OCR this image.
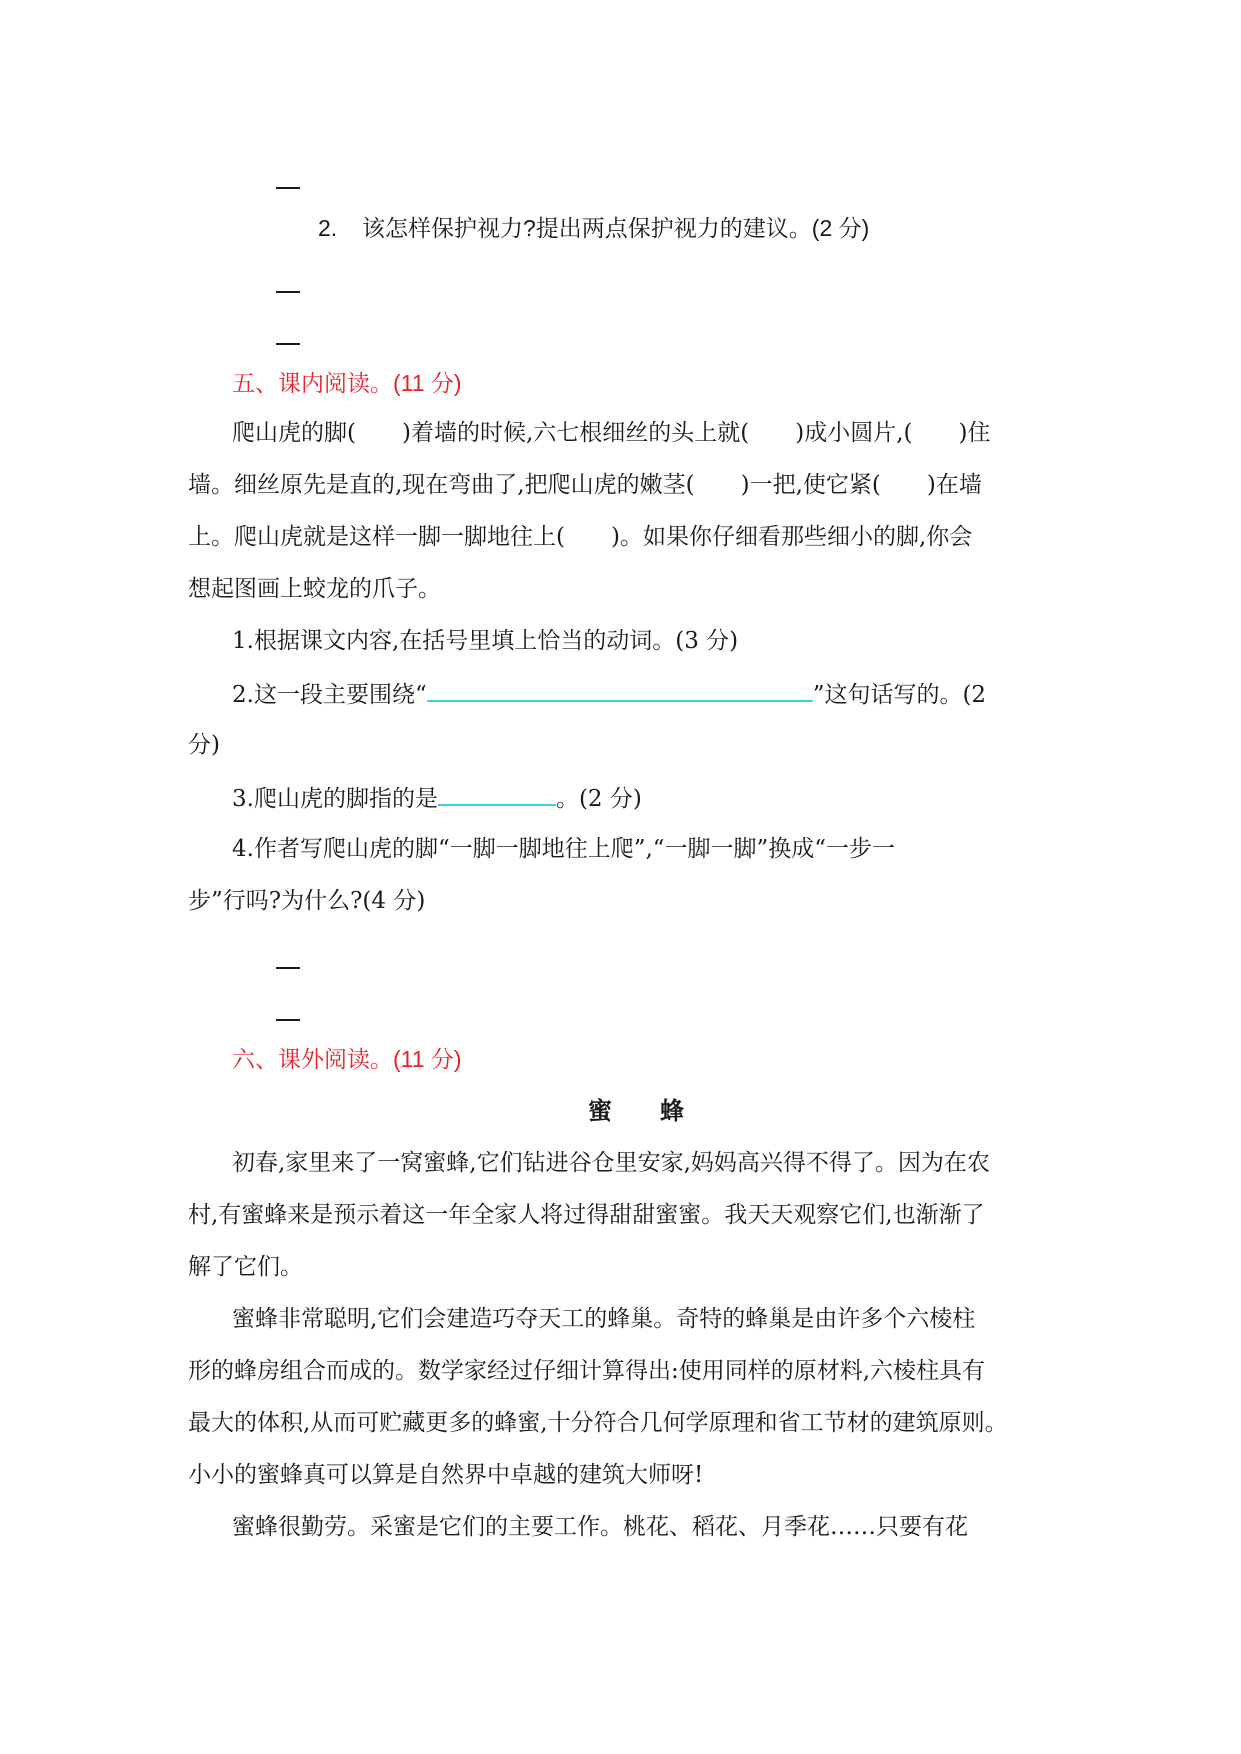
2. 该怎样保护视力?提出两点保护视力的建议。(2 分)
五、课内阅读。(11 分)
爬山虎的脚(　　)着墙的时候,六七根细丝的头上就(　　)成小圆片,(　　)住
墙。细丝原先是直的,现在弯曲了,把爬山虎的嫩茎(　　)一把,使它紧(　　)在墙
上。爬山虎就是这样一脚一脚地往上(　　)。如果你仔细看那些细小的脚,你会
想起图画上蛟龙的爪子。
1.根据课文内容,在括号里填上恰当的动词。(3 分)
2.这一段主要围绕“	”这句话写的。(2
分)
3.爬山虎的脚指的是	。(2 分)
4.作者写爬山虎的脚“一脚一脚地往上爬”,“一脚一脚”换成“一步一
步”行吗?为什么?(4 分)
六、课外阅读。(11 分)
蜜　　蜂
初春,家里来了一窝蜜蜂,它们钻进谷仓里安家,妈妈高兴得不得了。因为在农
村,有蜜蜂来是预示着这一年全家人将过得甜甜蜜蜜。我天天观察它们,也渐渐了
解了它们。
蜜蜂非常聪明,它们会建造巧夺天工的蜂巢。奇特的蜂巢是由许多个六棱柱
形的蜂房组合而成的。数学家经过仔细计算得出:使用同样的原材料,六棱柱具有
最大的体积,从而可贮藏更多的蜂蜜,十分符合几何学原理和省工节材的建筑原则。
小小的蜜蜂真可以算是自然界中卓越的建筑大师呀!
蜜蜂很勤劳。采蜜是它们的主要工作。桃花、稻花、月季花……只要有花
